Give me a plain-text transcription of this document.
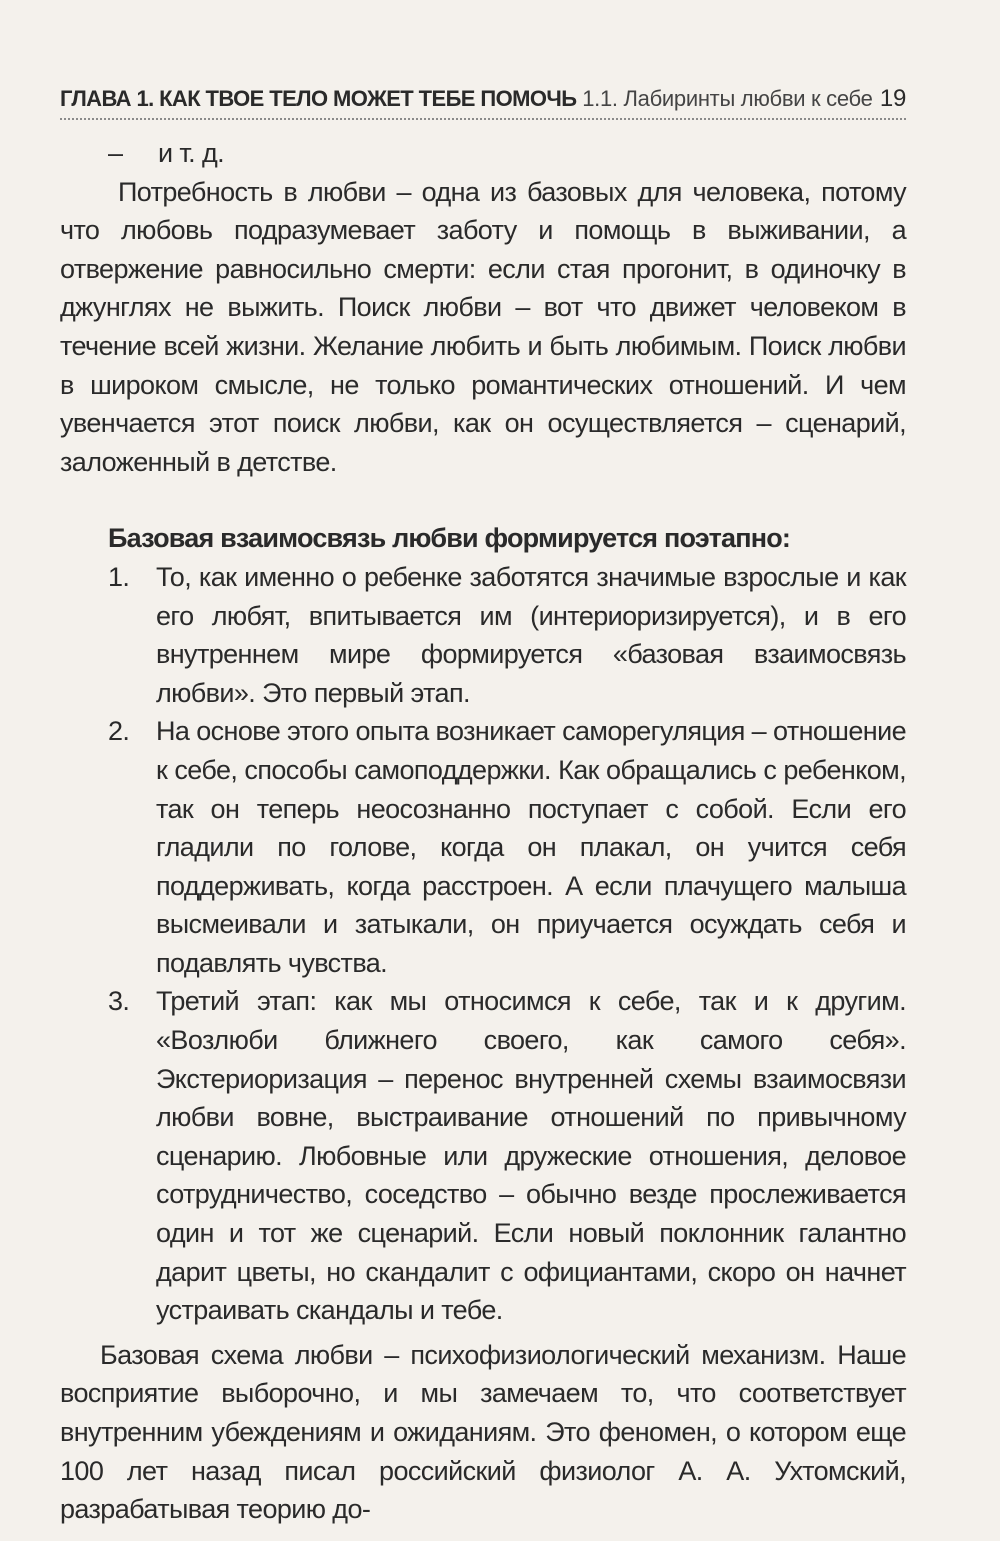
ГЛАВА 1. КАК ТВОЕ ТЕЛО МОЖЕТ ТЕБЕ ПОМОЧЬ 1.1. Лабиринты любви к себе 19
– и т. д.

Потребность в любви – одна из базовых для человека, потому что любовь подразумевает заботу и помощь в выживании, а отвержение равносильно смерти: если стая прогонит, в одиночку в джунглях не выжить. Поиск любви – вот что движет человеком в течение всей жизни. Желание любить и быть любимым. Поиск любви в широком смысле, не только романтических отношений. И чем увенчается этот поиск любви, как он осуществляется – сценарий, заложенный в детстве.

Базовая взаимосвязь любви формируется поэтапно:
1. То, как именно о ребенке заботятся значимые взрослые и как его любят, впитывается им (интериоризируется), и в его внутреннем мире формируется «базовая взаимосвязь любви». Это первый этап.
2. На основе этого опыта возникает саморегуляция – отношение к себе, способы самоподдержки. Как обращались с ребенком, так он теперь неосознанно поступает с собой. Если его гладили по голове, когда он плакал, он учится себя поддерживать, когда расстроен. А если плачущего малыша высмеивали и затыкали, он приучается осуждать себя и подавлять чувства.
3. Третий этап: как мы относимся к себе, так и к другим. «Возлюби ближнего своего, как самого себя». Экстериоризация – перенос внутренней схемы взаимосвязи любви вовне, выстраивание отношений по привычному сценарию. Любовные или дружеские отношения, деловое сотрудничество, соседство – обычно везде прослеживается один и тот же сценарий. Если новый поклонник галантно дарит цветы, но скандалит с официантами, скоро он начнет устраивать скандалы и тебе.

Базовая схема любви – психофизиологический механизм. Наше восприятие выборочно, и мы замечаем то, что соответствует внутренним убеждениям и ожиданиям. Это феномен, о котором еще 100 лет назад писал российский физиолог А. А. Ухтомский, разрабатывая теорию до-
